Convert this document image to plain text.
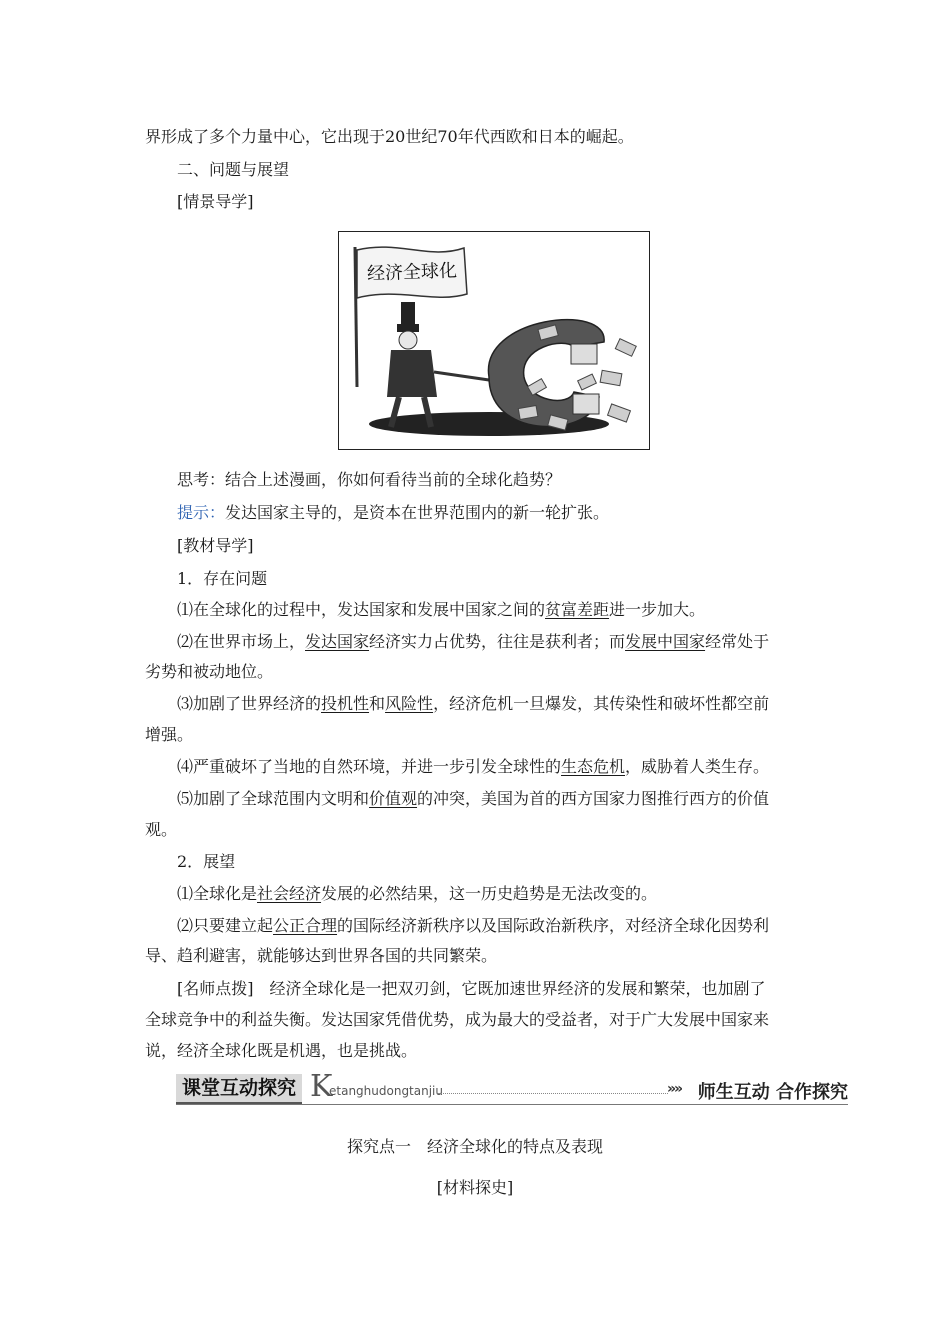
界形成了多个力量中心，它出现于20世纪70年代西欧和日本的崛起。
二、问题与展望
[情景导学]
经济全球化
思考：结合上述漫画，你如何看待当前的全球化趋势？
提示：发达国家主导的，是资本在世界范围内的新一轮扩张。
[教材导学]
1．存在问题
⑴在全球化的过程中，发达国家和发展中国家之间的贫富差距进一步加大。
⑵在世界市场上，发达国家经济实力占优势，往往是获利者；而发展中国家经常处于
劣势和被动地位。
⑶加剧了世界经济的投机性和风险性，经济危机一旦爆发，其传染性和破坏性都空前
增强。
⑷严重破坏了当地的自然环境，并进一步引发全球性的生态危机，威胁着人类生存。
⑸加剧了全球范围内文明和价值观的冲突，美国为首的西方国家力图推行西方的价值
观。
2．展望
⑴全球化是社会经济发展的必然结果，这一历史趋势是无法改变的。
⑵只要建立起公正合理的国际经济新秩序以及国际政治新秩序，对经济全球化因势利
导、趋利避害，就能够达到世界各国的共同繁荣。
[名师点拨]　经济全球化是一把双刃剑，它既加速世界经济的发展和繁荣，也加剧了
全球竞争中的利益失衡。发达国家凭借优势，成为最大的受益者，对于广大发展中国家来
说，经济全球化既是机遇，也是挑战。
课堂互动探究 K
etanghudongtanjiu	»» 师生互动 合作探究
探究点一　经济全球化的特点及表现
[材料探史]
